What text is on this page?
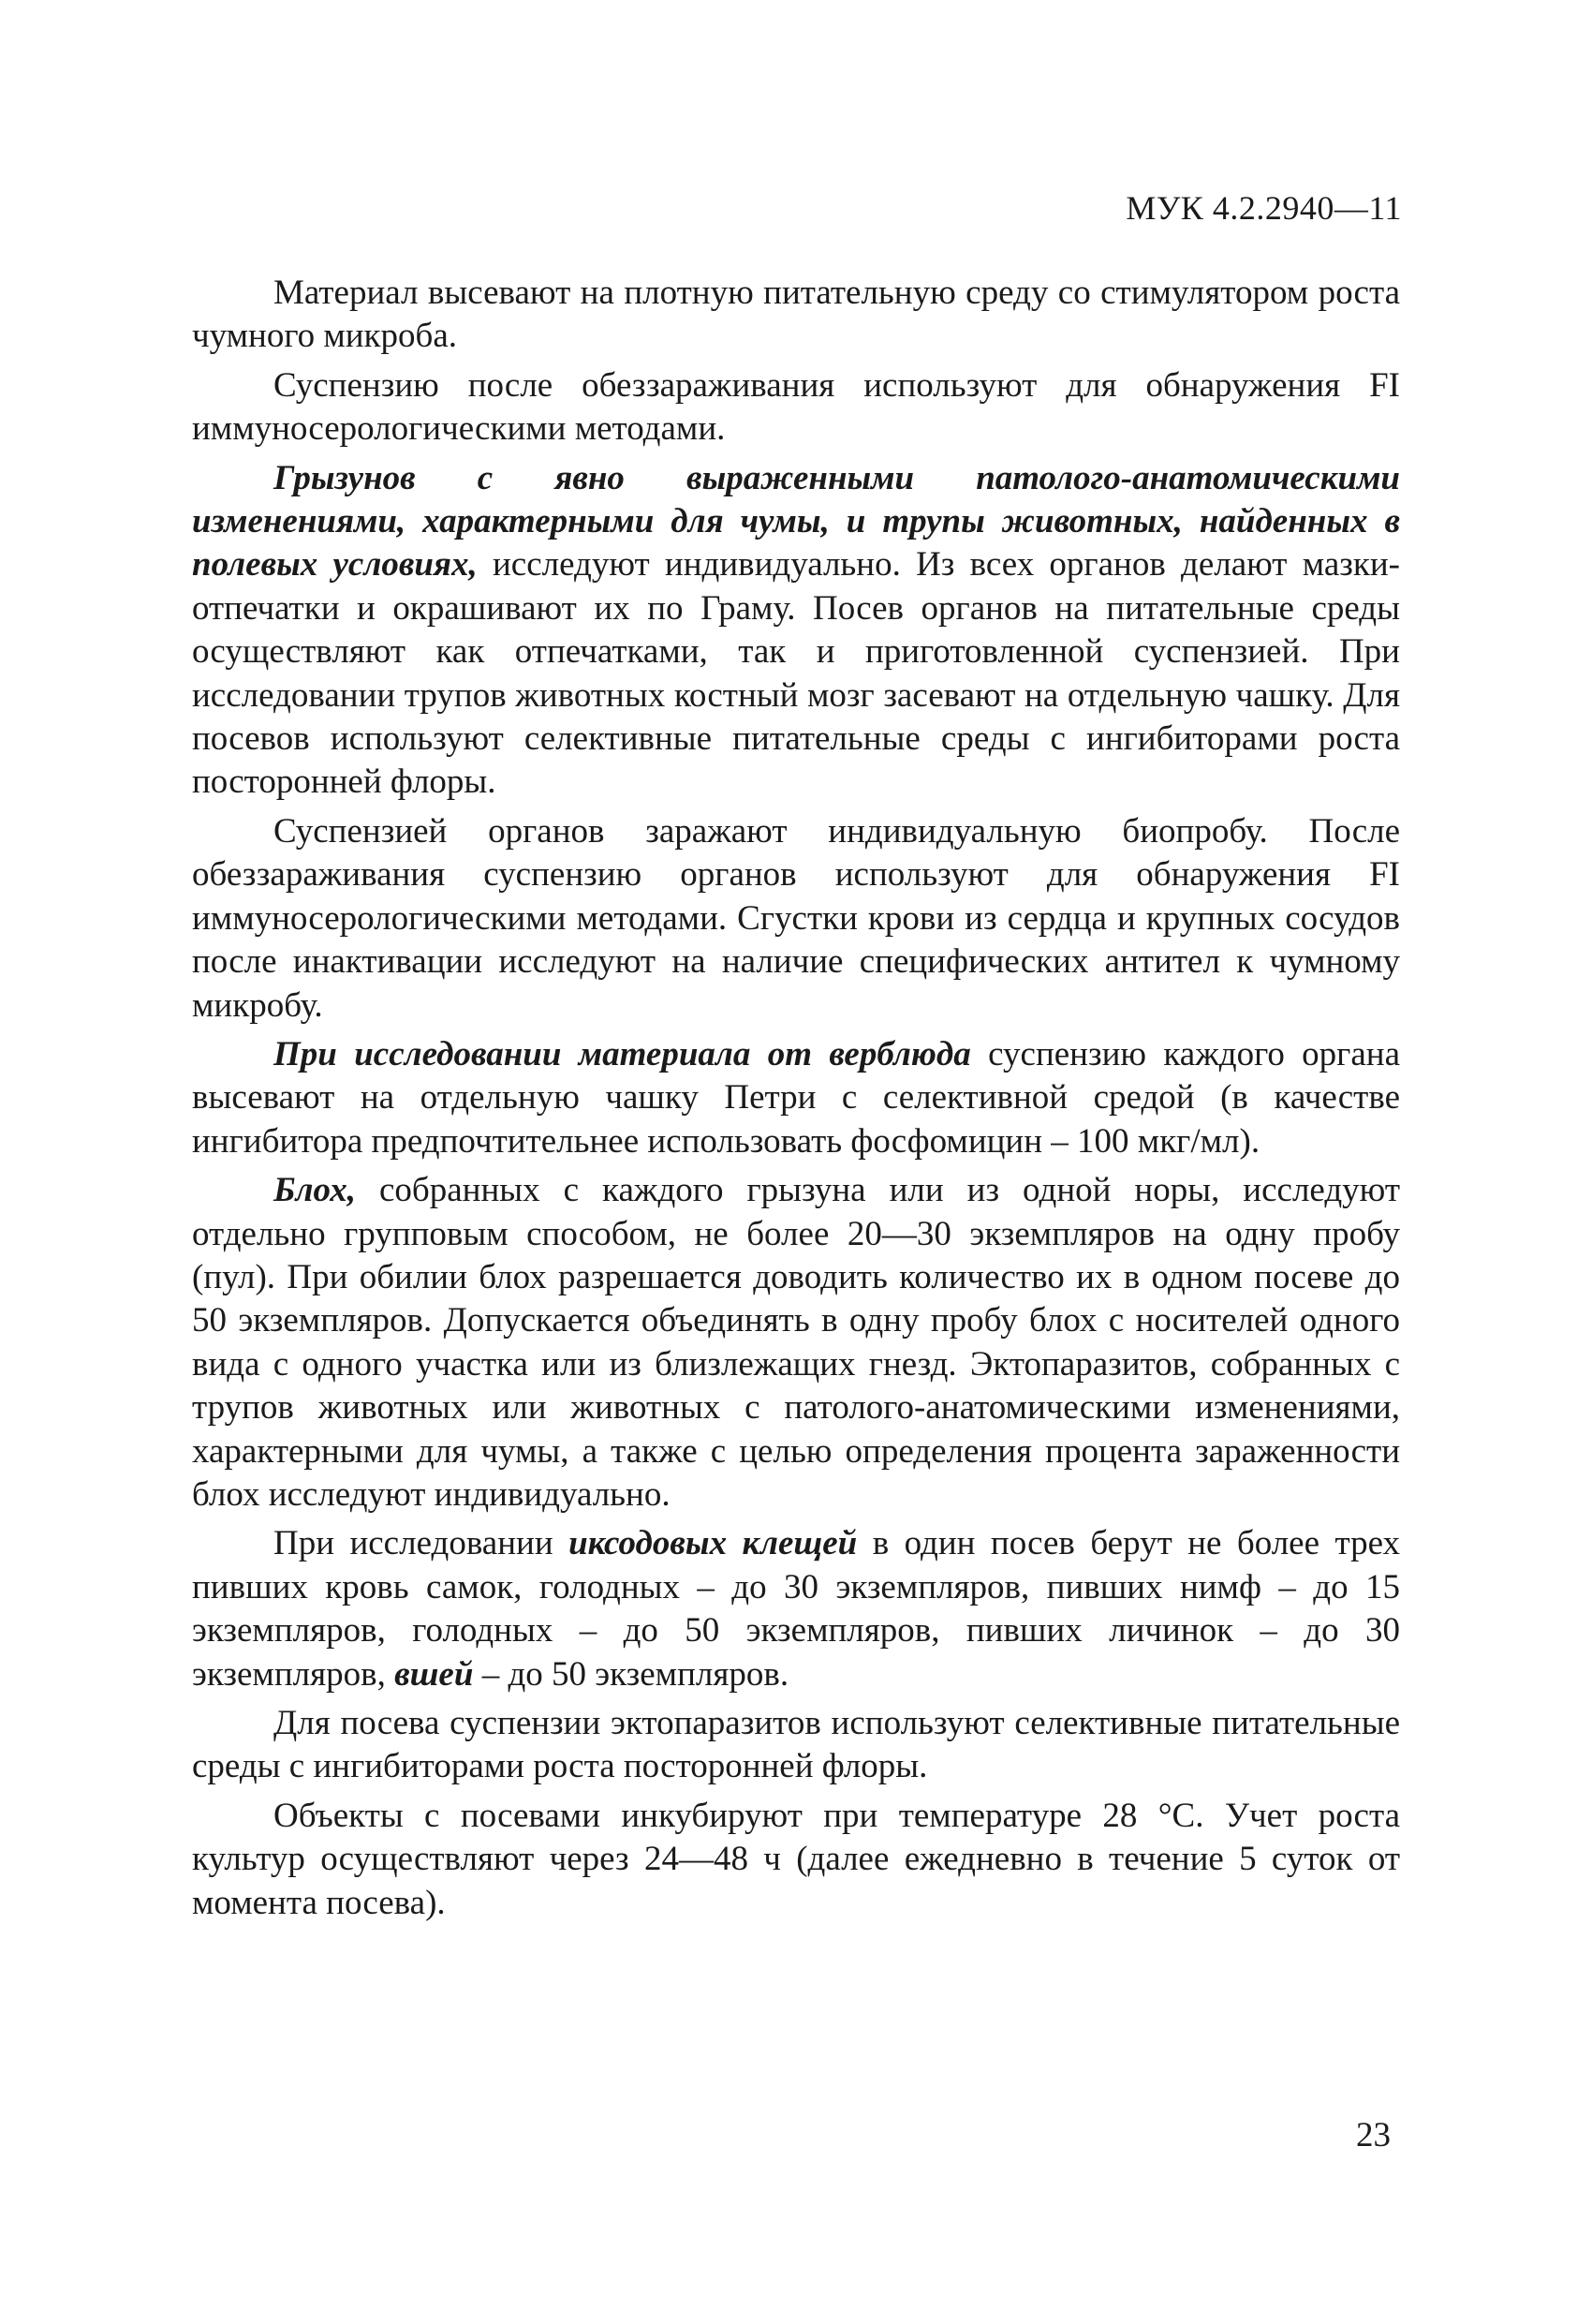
МУК 4.2.2940—11

Материал высевают на плотную питательную среду со стимулятором роста чумного микроба.

Суспензию после обеззараживания используют для обнаружения FI иммуносерологическими методами.

Грызунов с явно выраженными патолого-анатомическими изменениями, характерными для чумы, и трупы животных, найденных в полевых условиях, исследуют индивидуально. Из всех органов делают мазки-отпечатки и окрашивают их по Граму. Посев органов на питательные среды осуществляют как отпечатками, так и приготовленной суспензией. При исследовании трупов животных костный мозг засевают на отдельную чашку. Для посевов используют селективные питательные среды с ингибиторами роста посторонней флоры.

Суспензией органов заражают индивидуальную биопробу. После обеззараживания суспензию органов используют для обнаружения FI иммуносерологическими методами. Сгустки крови из сердца и крупных сосудов после инактивации исследуют на наличие специфических антител к чумному микробу.

При исследовании материала от верблюда суспензию каждого органа высевают на отдельную чашку Петри с селективной средой (в качестве ингибитора предпочтительнее использовать фосфомицин – 100 мкг/мл).

Блох, собранных с каждого грызуна или из одной норы, исследуют отдельно групповым способом, не более 20—30 экземпляров на одну пробу (пул). При обилии блох разрешается доводить количество их в одном посеве до 50 экземпляров. Допускается объединять в одну пробу блох с носителей одного вида с одного участка или из близлежащих гнезд. Эктопаразитов, собранных с трупов животных или животных с патолого-анатомическими изменениями, характерными для чумы, а также с целью определения процента зараженности блох исследуют индивидуально.

При исследовании иксодовых клещей в один посев берут не более трех пивших кровь самок, голодных – до 30 экземпляров, пивших нимф – до 15 экземпляров, голодных – до 50 экземпляров, пивших личинок – до 30 экземпляров, вшей – до 50 экземпляров.

Для посева суспензии эктопаразитов используют селективные питательные среды с ингибиторами роста посторонней флоры.

Объекты с посевами инкубируют при температуре 28 °С. Учет роста культур осуществляют через 24—48 ч (далее ежедневно в течение 5 суток от момента посева).

23
